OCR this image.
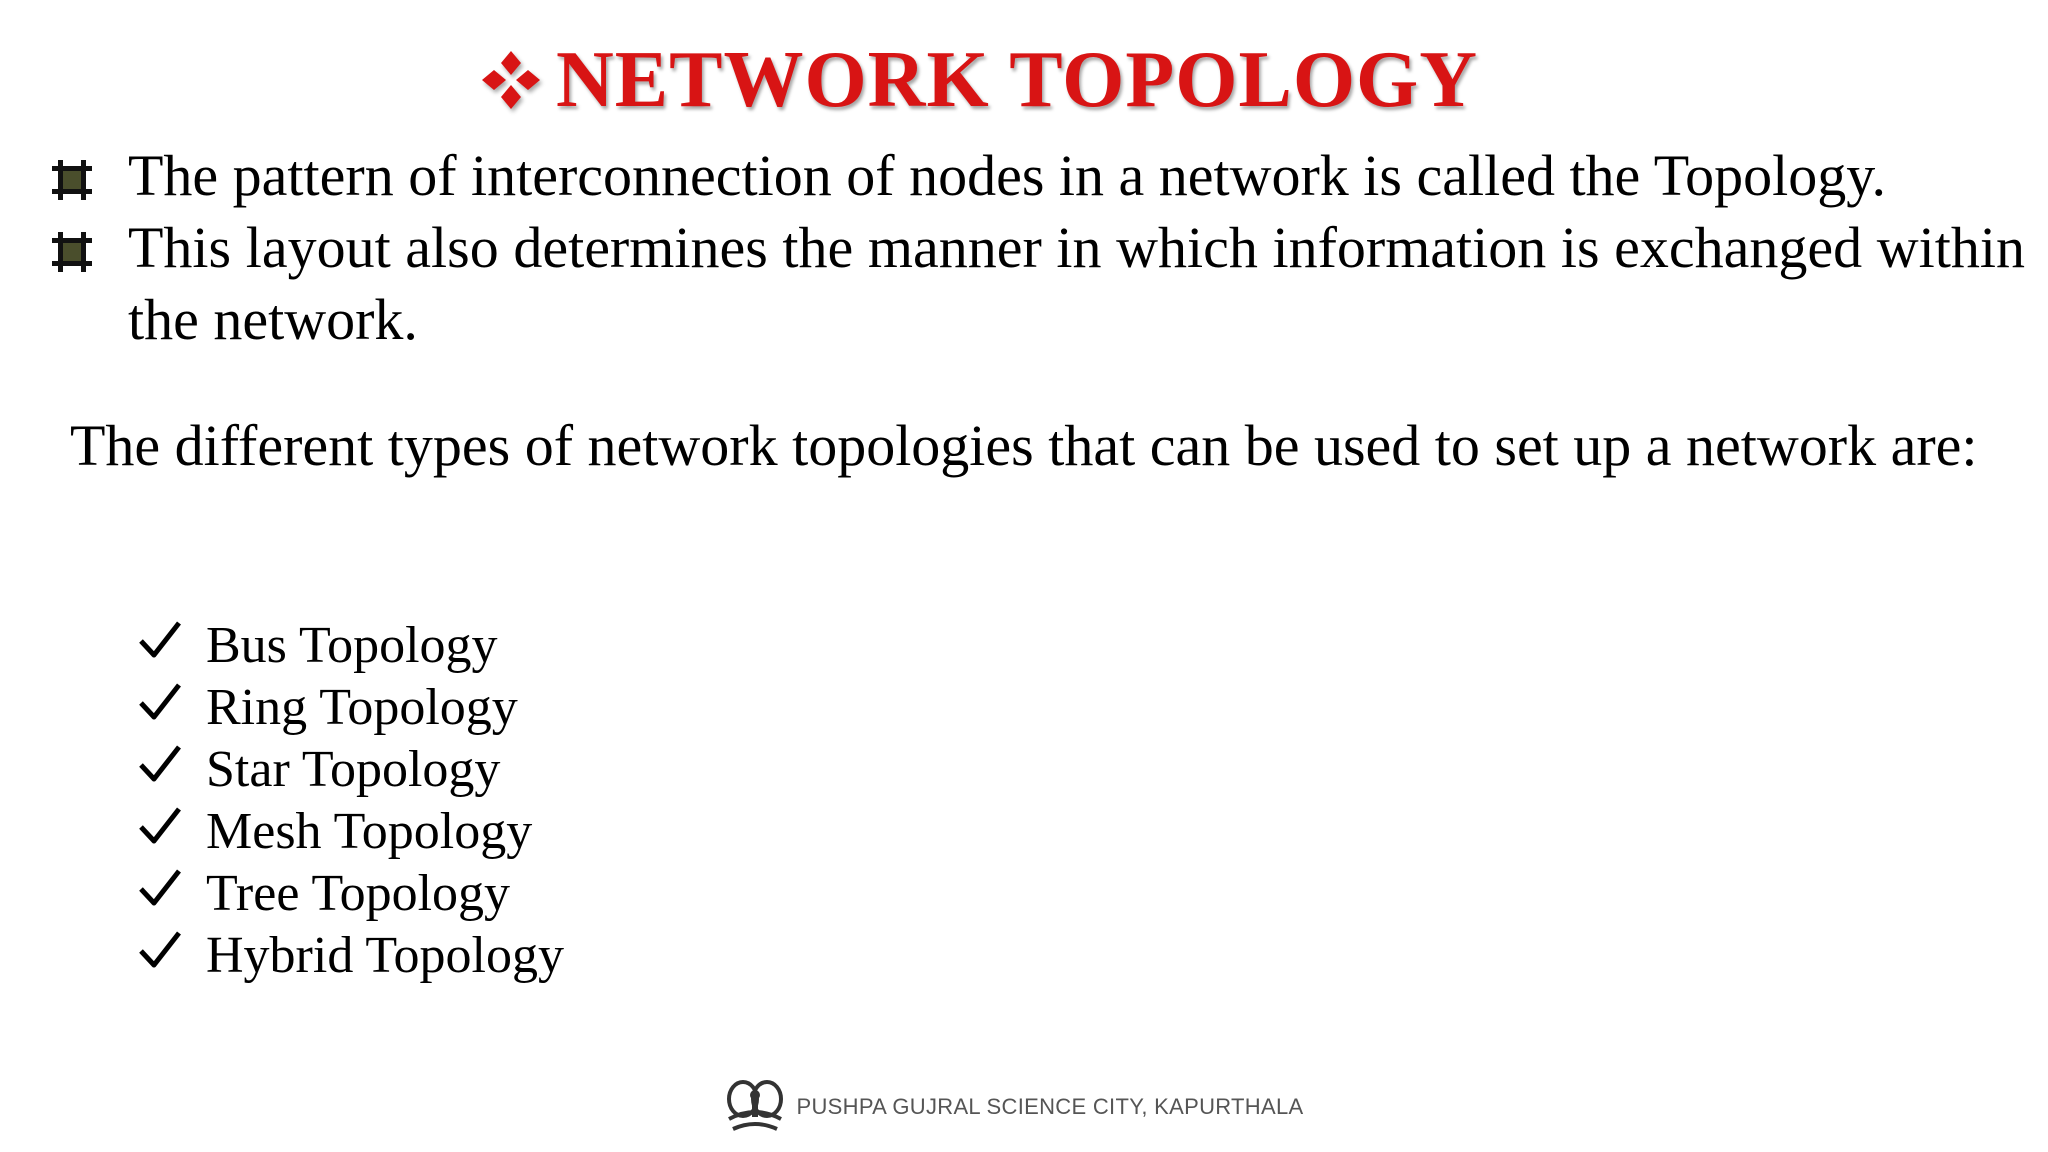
NETWORK TOPOLOGY
The pattern of interconnection of nodes in a network is called the Topology.
This layout also determines the manner in which information is exchanged within the network.
The different types of network topologies that can be used to set up a network are:
Bus Topology
Ring Topology
Star Topology
Mesh Topology
Tree Topology
Hybrid Topology
PUSHPA GUJRAL SCIENCE CITY, KAPURTHALA
